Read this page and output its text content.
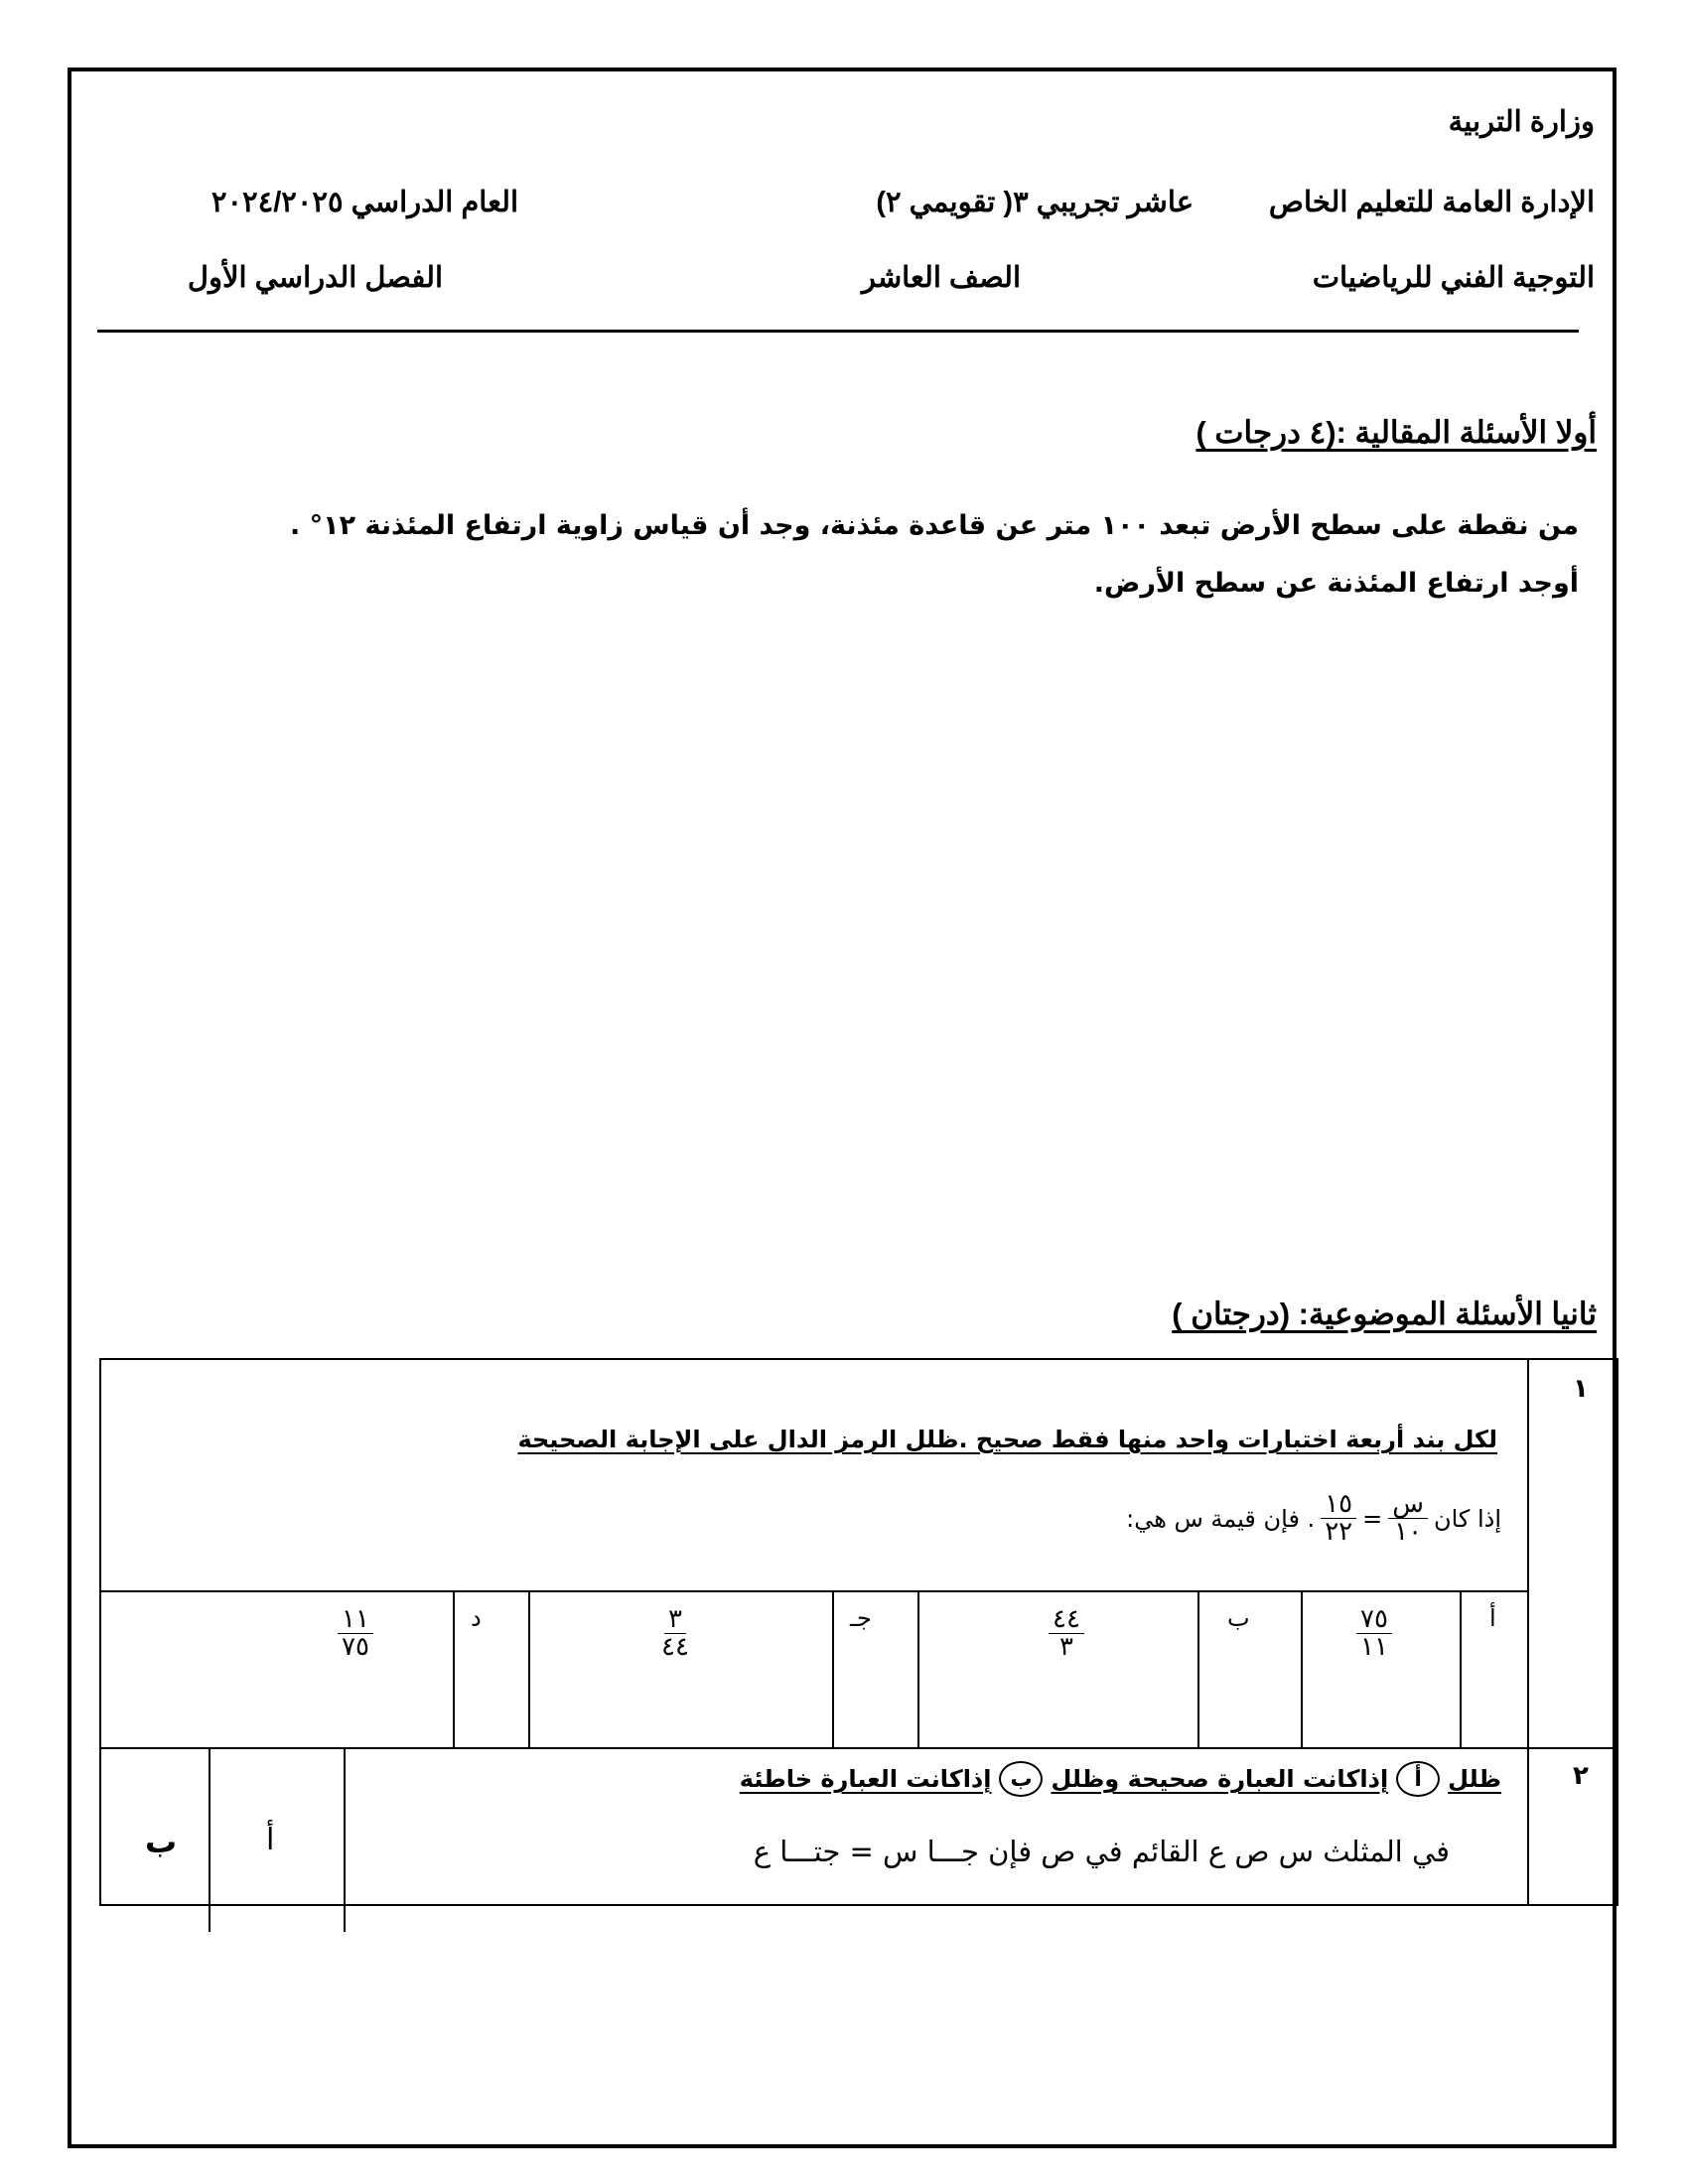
وزارة التربية
الإدارة العامة للتعليم الخاص
عاشر تجريبي ٣( تقويمي ٢)
العام الدراسي ٢٠٢٤/٢٠٢٥
التوجية الفني للرياضيات
الصف العاشر
الفصل الدراسي الأول
أولا الأسئلة المقالية :(٤ درجات )
من نقطة على سطح الأرض تبعد ١٠٠ متر عن قاعدة مئذنة، وجد أن قياس زاوية ارتفاع المئذنة ١٢° .
أوجد ارتفاع المئذنة عن سطح الأرض.
ثانيا الأسئلة الموضوعية: (درجتان )
١
لكل بند أربعة اختبارات واحد منها فقط صحيح .ظلل الرمز الدال على الإجابة الصحيحة
إذا كان
$\frac{\text{س}}{١٠}$
=
$\frac{١٥}{٢٢}$
. فإن قيمة س هي:
أ
ب
جـ
د	٧٥
١١
٤٤
٣
٣
٤٤
١١
٧٥
٢
ظلل
أ
إذاكانت العبارة صحيحة وظلل
ب
إذاكانت العبارة خاطئة
في المثلث س ص ع القائم في ص فإن جـــا س = جتـــا ع
أ
ب
